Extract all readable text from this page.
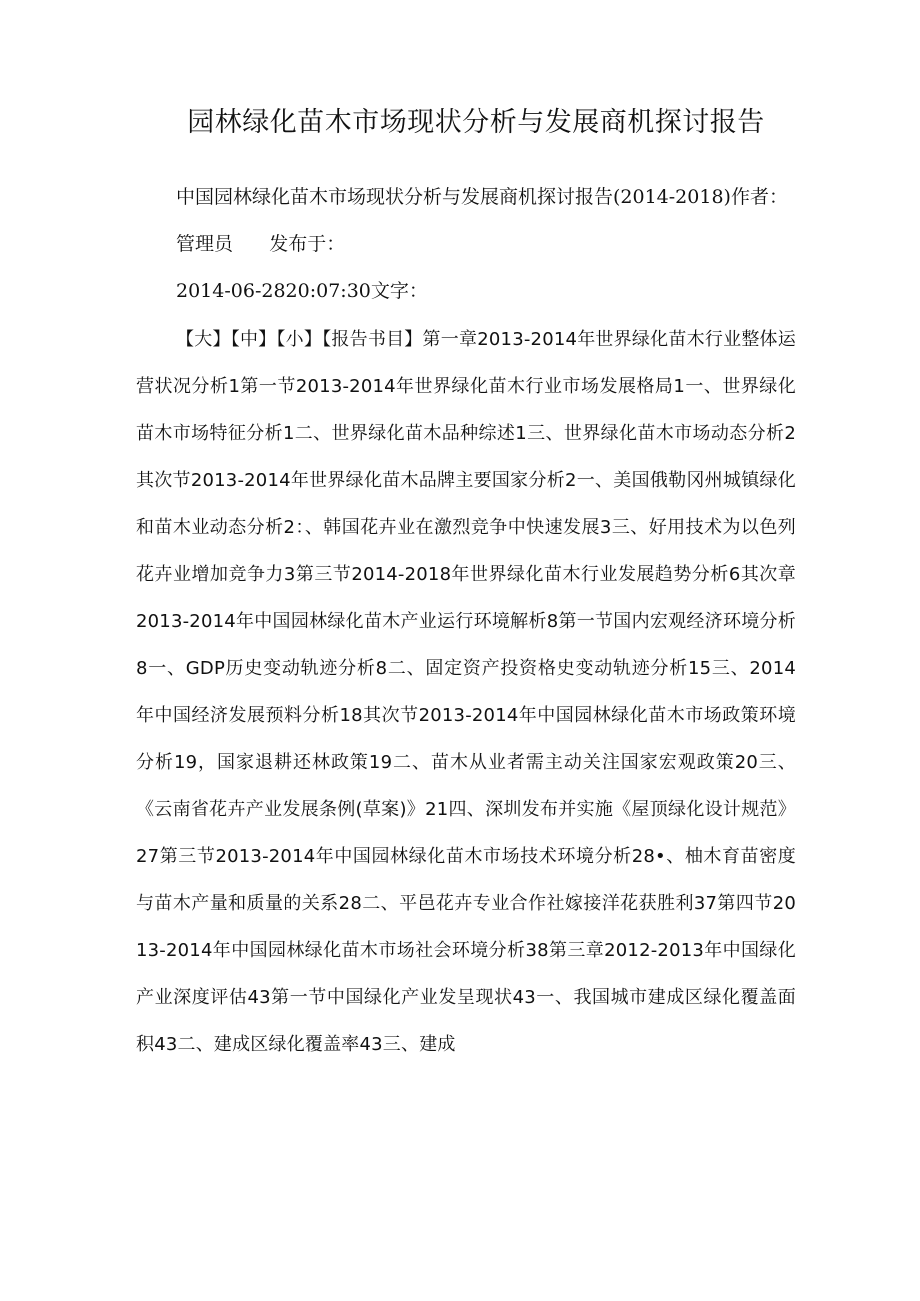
园林绿化苗木市场现状分析与发展商机探讨报告

中国园林绿化苗木市场现状分析与发展商机探讨报告(2014-2018)作者：

管理员      发布于：

2014-06-2820:07:30文字：

【大】【中】【小】【报告书目】第一章2013-2014年世界绿化苗木行业整体运营状况分析1第一节2013-2014年世界绿化苗木行业市场发展格局1一、世界绿化苗木市场特征分析1二、世界绿化苗木品种综述1三、世界绿化苗木市场动态分析2其次节2013-2014年世界绿化苗木品牌主要国家分析2一、美国俄勒冈州城镇绿化和苗木业动态分析2：、韩国花卉业在激烈竞争中快速发展3三、好用技术为以色列花卉业增加竞争力3第三节2014-2018年世界绿化苗木行业发展趋势分析6其次章2013-2014年中国园林绿化苗木产业运行环境解析8第一节国内宏观经济环境分析8一、GDP历史变动轨迹分析8二、固定资产投资格史变动轨迹分析15三、2014年中国经济发展预料分析18其次节2013-2014年中国园林绿化苗木市场政策环境分析19，国家退耕还林政策19二、苗木从业者需主动关注国家宏观政策20三、《云南省花卉产业发展条例(草案)》21四、深圳发布并实施《屋顶绿化设计规范》27第三节2013-2014年中国园林绿化苗木市场技术环境分析28•、柚木育苗密度与苗木产量和质量的关系28二、平邑花卉专业合作社嫁接洋花获胜利37第四节2013-2014年中国园林绿化苗木市场社会环境分析38第三章2012-2013年中国绿化产业深度评估43第一节中国绿化产业发呈现状43一、我国城市建成区绿化覆盖面积43二、建成区绿化覆盖率43三、建成
